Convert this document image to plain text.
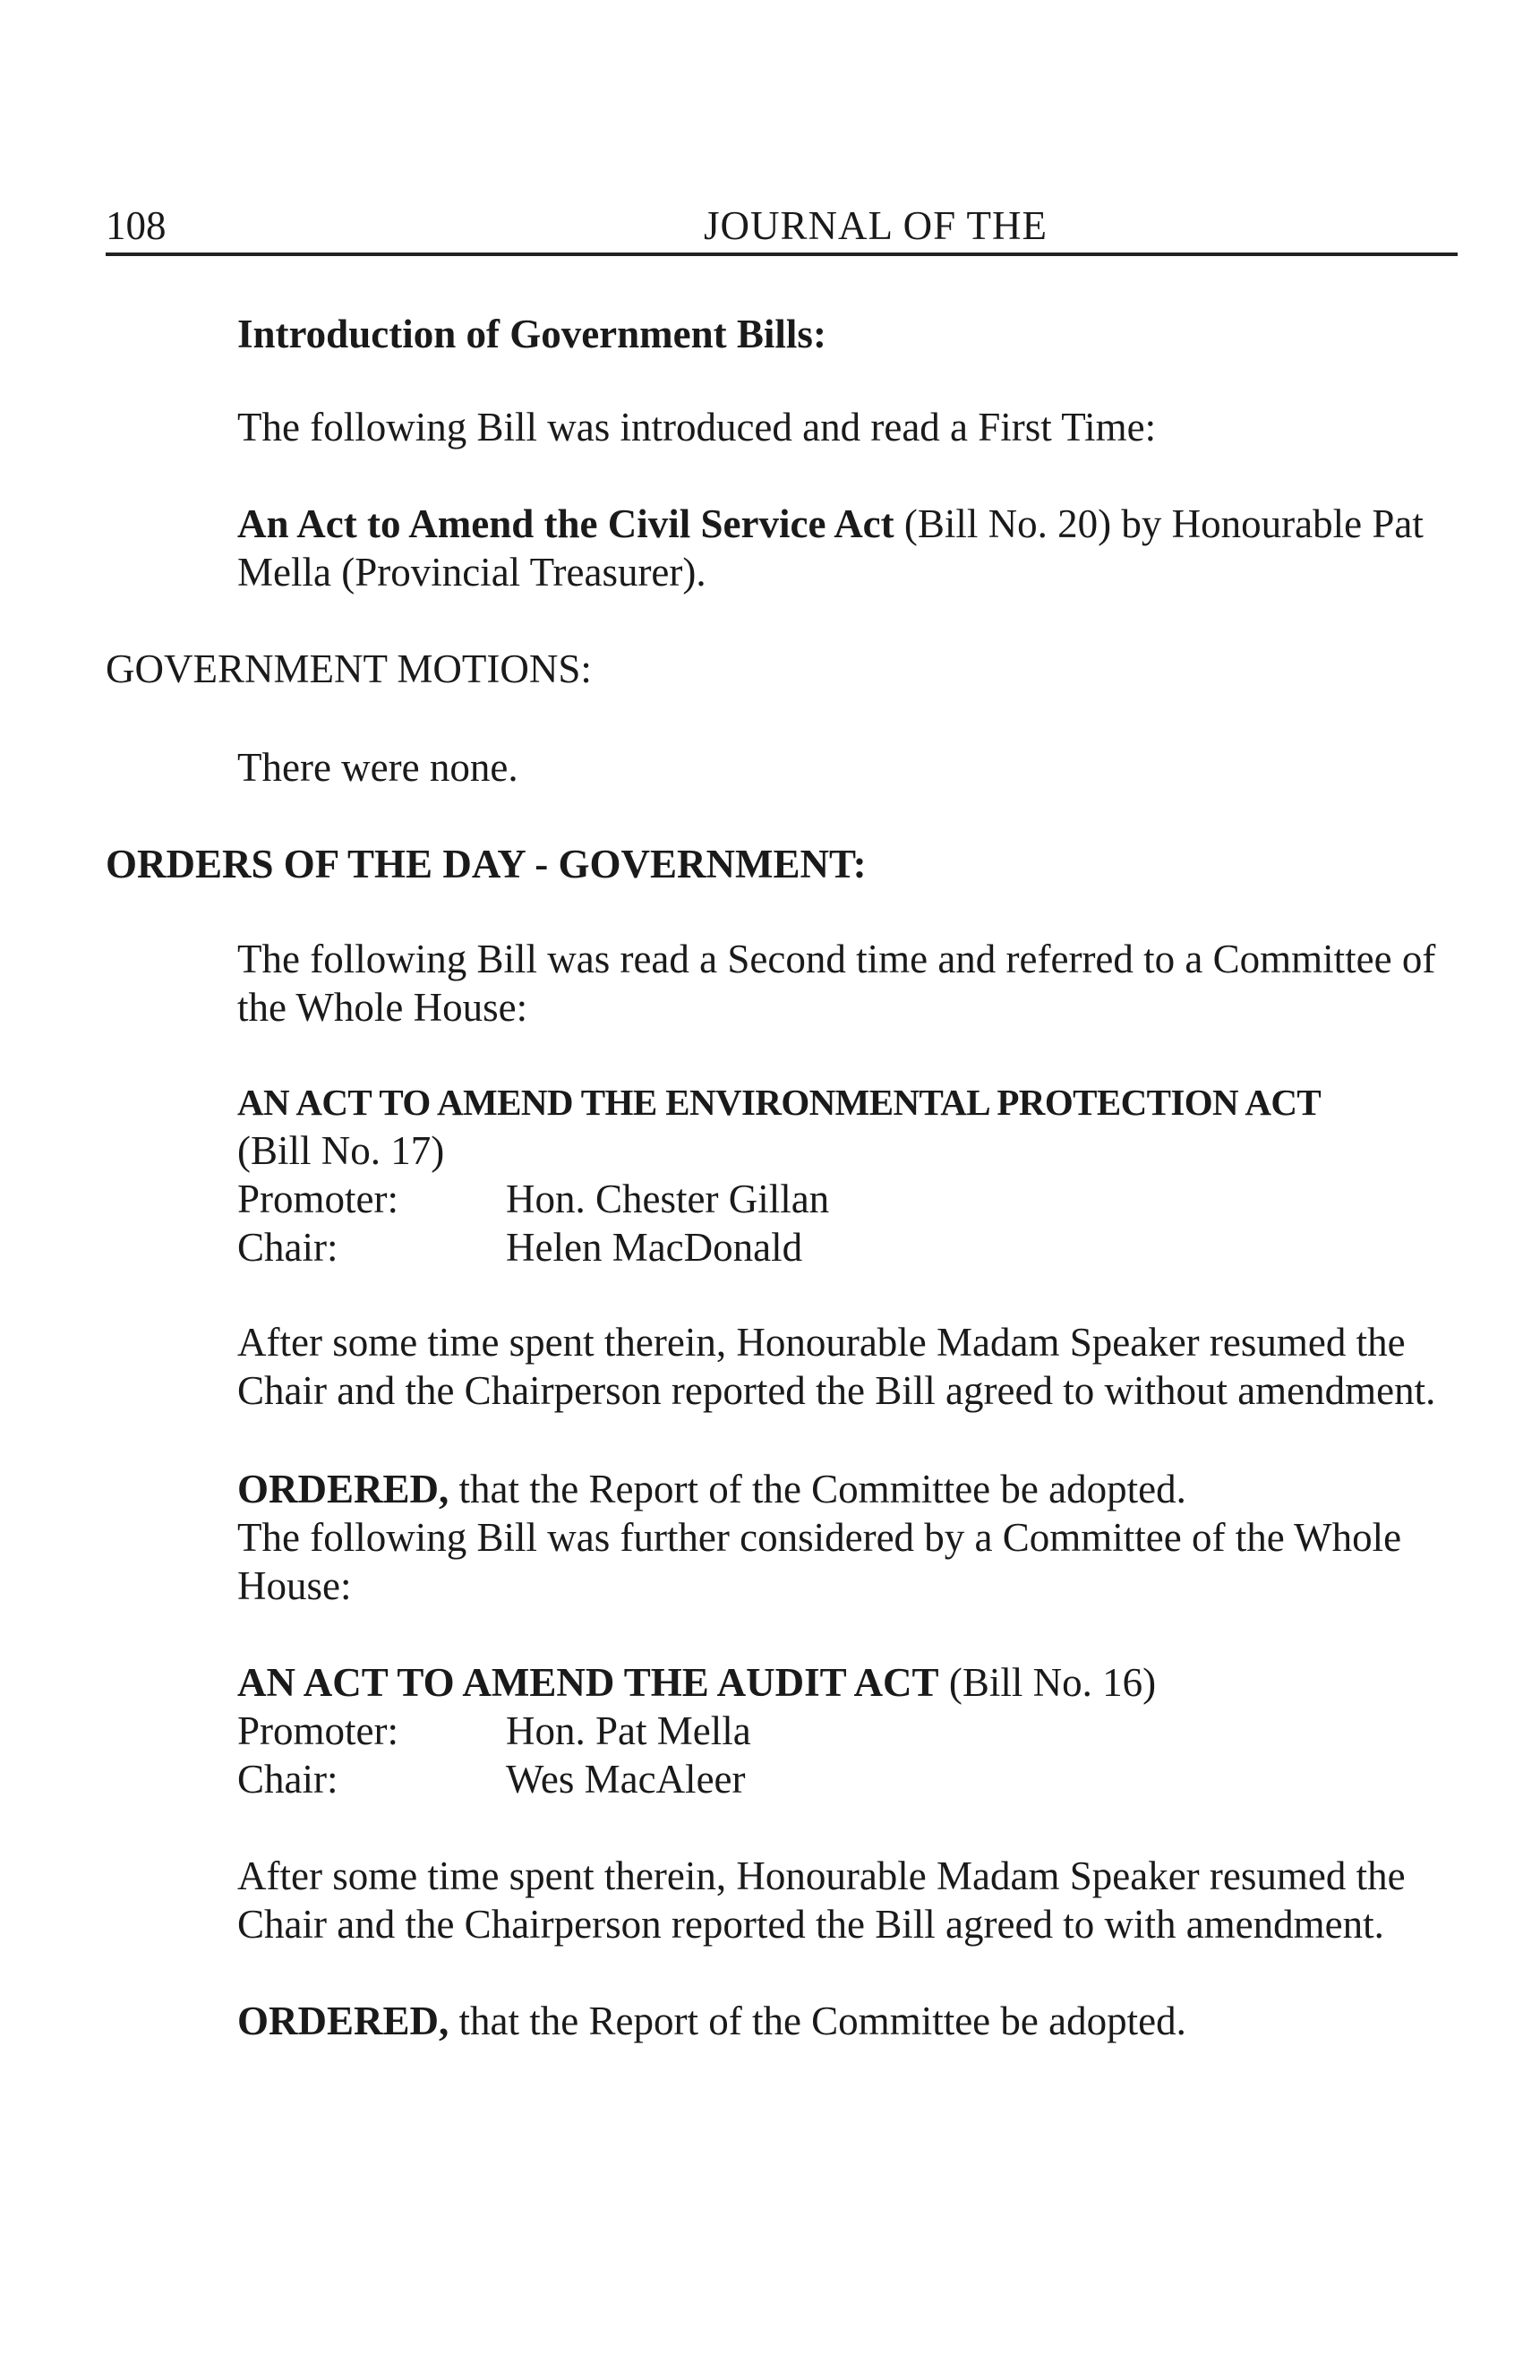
108	JOURNAL OF THE
Introduction of Government Bills:
The following Bill was introduced and read a First Time:
An Act to Amend the Civil Service Act (Bill No. 20) by Honourable Pat
Mella (Provincial Treasurer).
GOVERNMENT MOTIONS:
There were none.
ORDERS OF THE DAY - GOVERNMENT:
The following Bill was read a Second time and referred to a Committee of
the Whole House:
AN ACT TO AMEND THE ENVIRONMENTAL PROTECTION ACT
(Bill No. 17)
Promoter:	Hon. Chester Gillan
Chair:	Helen MacDonald
After some time spent therein, Honourable Madam Speaker resumed the
Chair and the Chairperson reported the Bill agreed to without amendment.
ORDERED, that the Report of the Committee be adopted.
The following Bill was further considered by a Committee of the Whole
House:
AN ACT TO AMEND THE AUDIT ACT (Bill No. 16)
Promoter:	Hon. Pat Mella
Chair:	Wes MacAleer
After some time spent therein, Honourable Madam Speaker resumed the
Chair and the Chairperson reported the Bill agreed to with amendment.
ORDERED, that the Report of the Committee be adopted.
